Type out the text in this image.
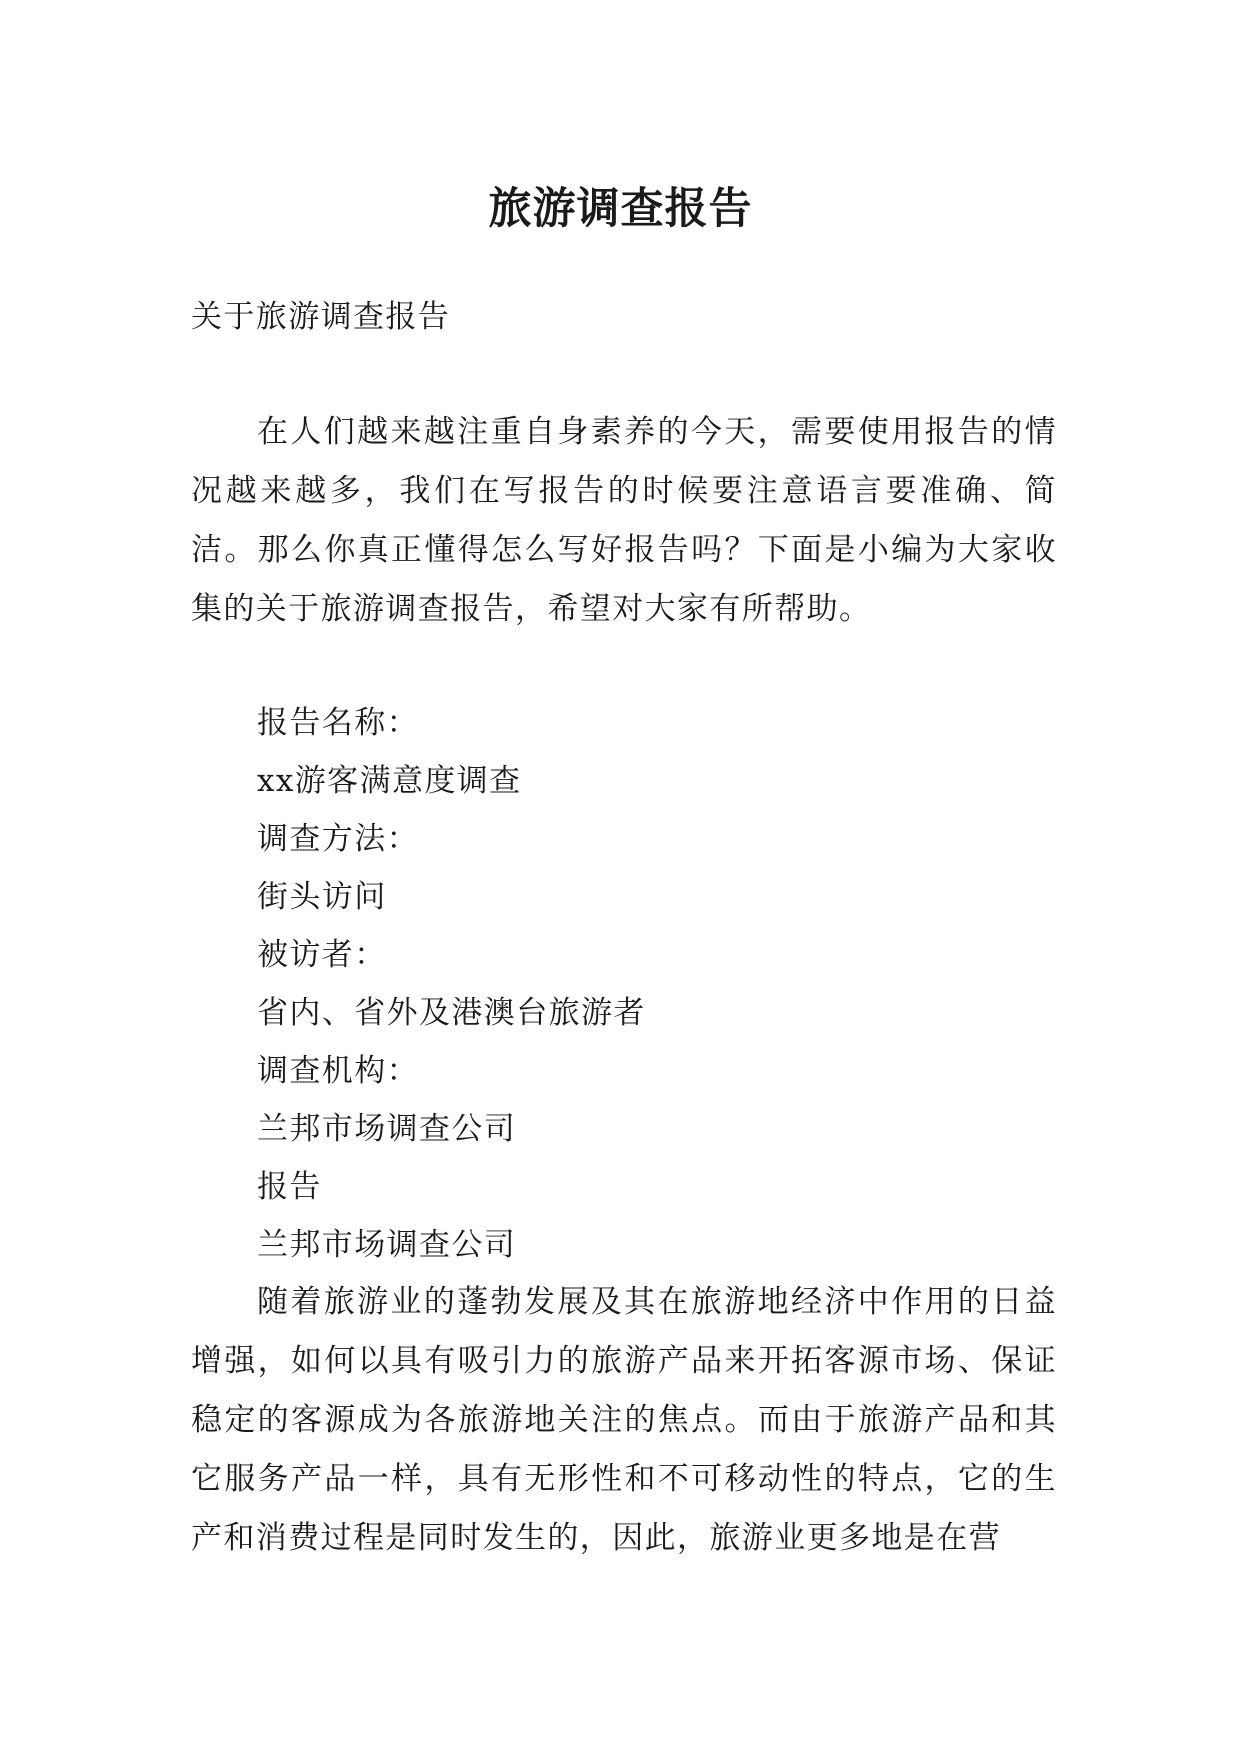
旅游调查报告

关于旅游调查报告

在人们越来越注重自身素养的今天，需要使用报告的情况越来越多，我们在写报告的时候要注意语言要准确、简洁。那么你真正懂得怎么写好报告吗？下面是小编为大家收集的关于旅游调查报告，希望对大家有所帮助。

报告名称：
xx游客满意度调查
调查方法：
街头访问
被访者：
省内、省外及港澳台旅游者
调查机构：
兰邦市场调查公司
报告
兰邦市场调查公司

随着旅游业的蓬勃发展及其在旅游地经济中作用的日益增强，如何以具有吸引力的旅游产品来开拓客源市场、保证稳定的客源成为各旅游地关注的焦点。而由于旅游产品和其它服务产品一样，具有无形性和不可移动性的特点，它的生产和消费过程是同时发生的，因此，旅游业更多地是在营
